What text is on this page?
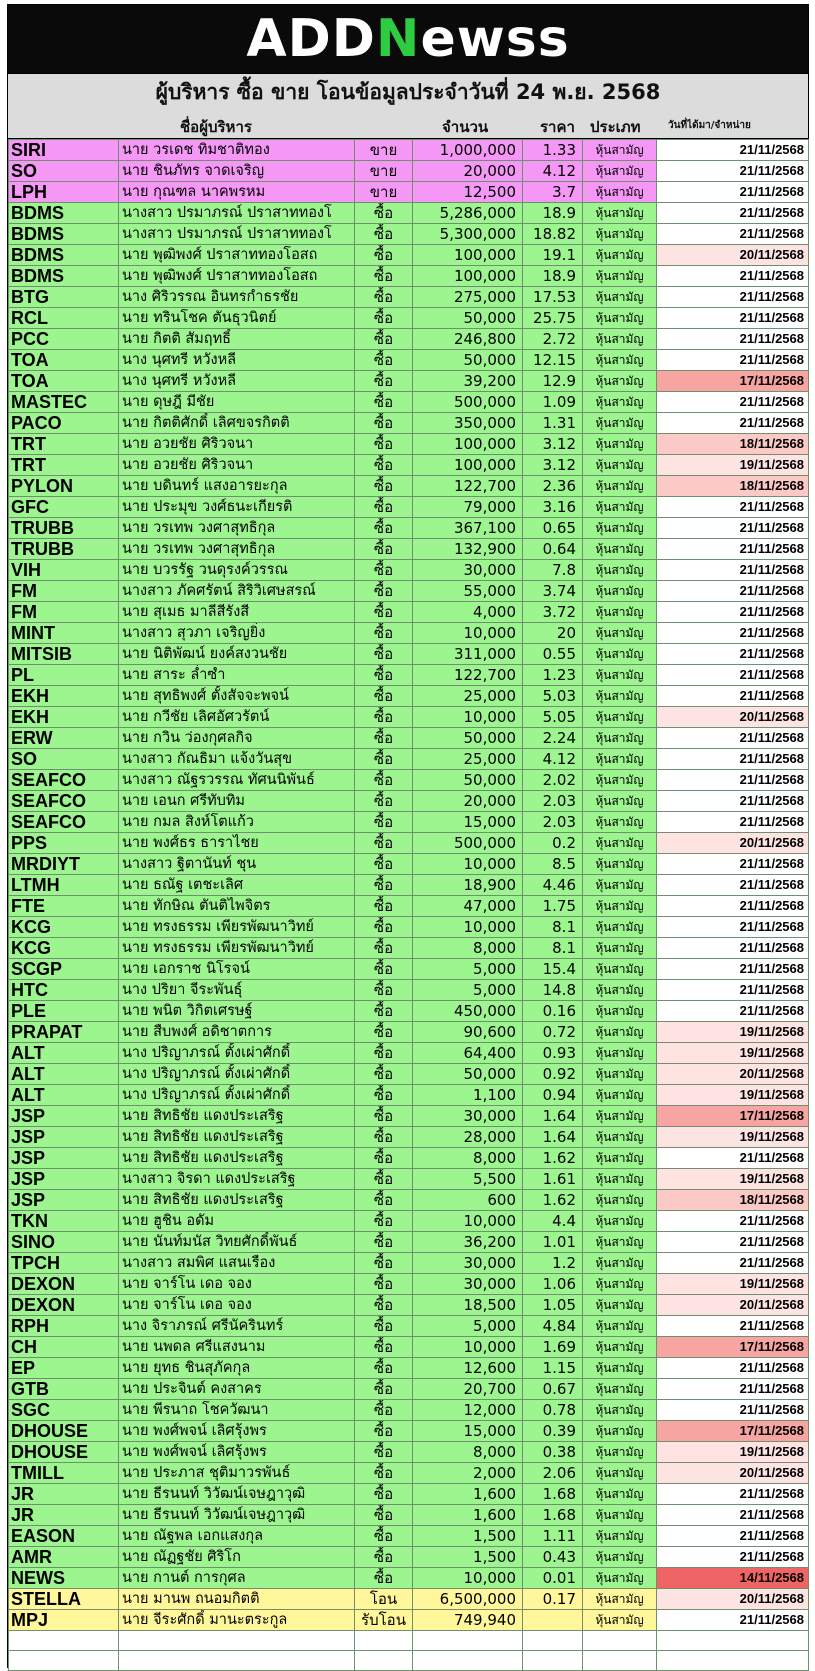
ADDNewss
ผู้บริหาร ซื้อ ขาย โอนข้อมูลประจำวันที่ 24 พ.ย. 2568
ชื่อผู้บริหาร	จำนวน	ราคา ประเภท	วันที่ได้มา/จำหน่าย
SIRI	นาย วรเดช ทิมชาติทอง	ขาย	1,000,000	1.33	หุ้นสามัญ	21/11/2568
SO	นาย ชินภัทร จาดเจริญ	ขาย	20,000	4.12	หุ้นสามัญ	21/11/2568
LPH	นาย กุณฑล นาคพรหม	ขาย	12,500	3.7	หุ้นสามัญ	21/11/2568
BDMS	นางสาว ปรมาภรณ์ ปราสาททองโ	ซื้อ	5,286,000	18.9	หุ้นสามัญ	21/11/2568
BDMS	นางสาว ปรมาภรณ์ ปราสาททองโ	ซื้อ	5,300,000	18.82	หุ้นสามัญ	21/11/2568
BDMS	นาย พุฒิพงศ์ ปราสาททองโอสถ	ซื้อ	100,000	19.1	หุ้นสามัญ	20/11/2568
BDMS	นาย พุฒิพงศ์ ปราสาททองโอสถ	ซื้อ	100,000	18.9	หุ้นสามัญ	21/11/2568
BTG	นาง ศิริวรรณ อินทรกำธรชัย	ซื้อ	275,000	17.53	หุ้นสามัญ	21/11/2568
RCL	นาย ทรินโชค ตันธุวนิตย์	ซื้อ	50,000	25.75	หุ้นสามัญ	21/11/2568
PCC	นาย กิตติ สัมฤทธิ์	ซื้อ	246,800	2.72	หุ้นสามัญ	21/11/2568
TOA	นาง นุศทรี หวังหลี	ซื้อ	50,000	12.15	หุ้นสามัญ	21/11/2568
TOA	นาง นุศทรี หวังหลี	ซื้อ	39,200	12.9	หุ้นสามัญ	17/11/2568
MASTEC	นาย ดุษฎี มีชัย	ซื้อ	500,000	1.09	หุ้นสามัญ	21/11/2568
PACO	นาย กิตติศักดิ์ เลิศขจรกิตติ	ซื้อ	350,000	1.31	หุ้นสามัญ	21/11/2568
TRT	นาย อวยชัย ศิริวจนา	ซื้อ	100,000	3.12	หุ้นสามัญ	18/11/2568
TRT	นาย อวยชัย ศิริวจนา	ซื้อ	100,000	3.12	หุ้นสามัญ	19/11/2568
PYLON	นาย บดินทร์ แสงอารยะกุล	ซื้อ	122,700	2.36	หุ้นสามัญ	18/11/2568
GFC	นาย ประมุข วงศ์ธนะเกียรติ	ซื้อ	79,000	3.16	หุ้นสามัญ	21/11/2568
TRUBB	นาย วรเทพ วงศาสุทธิกุล	ซื้อ	367,100	0.65	หุ้นสามัญ	21/11/2568
TRUBB	นาย วรเทพ วงศาสุทธิกุล	ซื้อ	132,900	0.64	หุ้นสามัญ	21/11/2568
VIH	นาย บวรรัฐ วนดุรงค์วรรณ	ซื้อ	30,000	7.8	หุ้นสามัญ	21/11/2568
FM	นางสาว ภัคศรัตน์ สิริวิเศษสรณ์	ซื้อ	55,000	3.74	หุ้นสามัญ	21/11/2568
FM	นาย สุเมธ มาลีสีรังสี	ซื้อ	4,000	3.72	หุ้นสามัญ	21/11/2568
MINT	นางสาว สุวภา เจริญยิ่ง	ซื้อ	10,000	20	หุ้นสามัญ	21/11/2568
MITSIB	นาย นิติพัฒน์ ยงค์สงวนชัย	ซื้อ	311,000	0.55	หุ้นสามัญ	21/11/2568
PL	นาย สาระ ล่ำซำ	ซื้อ	122,700	1.23	หุ้นสามัญ	21/11/2568
EKH	นาย สุทธิพงศ์ ตั้งสัจจะพจน์	ซื้อ	25,000	5.03	หุ้นสามัญ	21/11/2568
EKH	นาย กวีชัย เลิศอัศวรัตน์	ซื้อ	10,000	5.05	หุ้นสามัญ	20/11/2568
ERW	นาย กวิน ว่องกุศลกิจ	ซื้อ	50,000	2.24	หุ้นสามัญ	21/11/2568
SO	นางสาว กัณธิมา แจ้งวันสุข	ซื้อ	25,000	4.12	หุ้นสามัญ	21/11/2568
SEAFCO	นางสาว ณัฐรวรรณ ทัศนนิพันธ์	ซื้อ	50,000	2.02	หุ้นสามัญ	21/11/2568
SEAFCO	นาย เอนก ศรีทับทิม	ซื้อ	20,000	2.03	หุ้นสามัญ	21/11/2568
SEAFCO	นาย กมล สิงห์โตแก้ว	ซื้อ	15,000	2.03	หุ้นสามัญ	21/11/2568
PPS	นาย พงศ์ธร ธาราไชย	ซื้อ	500,000	0.2	หุ้นสามัญ	20/11/2568
MRDIYT	นางสาว ฐิตานันท์ ชุน	ซื้อ	10,000	8.5	หุ้นสามัญ	21/11/2568
LTMH	นาย ธณัฐ เตชะเลิศ	ซื้อ	18,900	4.46	หุ้นสามัญ	21/11/2568
FTE	นาย ทักษิณ ตันติไพจิตร	ซื้อ	47,000	1.75	หุ้นสามัญ	21/11/2568
KCG	นาย ทรงธรรม เพียรพัฒนาวิทย์	ซื้อ	10,000	8.1	หุ้นสามัญ	21/11/2568
KCG	นาย ทรงธรรม เพียรพัฒนาวิทย์	ซื้อ	8,000	8.1	หุ้นสามัญ	21/11/2568
SCGP	นาย เอกราช นิโรจน์	ซื้อ	5,000	15.4	หุ้นสามัญ	21/11/2568
HTC	นาง ปริยา จีระพันธุ์	ซื้อ	5,000	14.8	หุ้นสามัญ	21/11/2568
PLE	นาย พนิต วิกิตเศรษฐ์	ซื้อ	450,000	0.16	หุ้นสามัญ	21/11/2568
PRAPAT	นาย สืบพงศ์ อดิชาตการ	ซื้อ	90,600	0.72	หุ้นสามัญ	19/11/2568
ALT	นาง ปริญาภรณ์ ตั้งเผ่าศักดิ์	ซื้อ	64,400	0.93	หุ้นสามัญ	19/11/2568
ALT	นาง ปริญาภรณ์ ตั้งเผ่าศักดิ์	ซื้อ	50,000	0.92	หุ้นสามัญ	20/11/2568
ALT	นาง ปริญาภรณ์ ตั้งเผ่าศักดิ์	ซื้อ	1,100	0.94	หุ้นสามัญ	19/11/2568
JSP	นาย สิทธิชัย แดงประเสริฐ	ซื้อ	30,000	1.64	หุ้นสามัญ	17/11/2568
JSP	นาย สิทธิชัย แดงประเสริฐ	ซื้อ	28,000	1.64	หุ้นสามัญ	19/11/2568
JSP	นาย สิทธิชัย แดงประเสริฐ	ซื้อ	8,000	1.62	หุ้นสามัญ	21/11/2568
JSP	นางสาว จิรดา แดงประเสริฐ	ซื้อ	5,500	1.61	หุ้นสามัญ	19/11/2568
JSP	นาย สิทธิชัย แดงประเสริฐ	ซื้อ	600	1.62	หุ้นสามัญ	18/11/2568
TKN	นาย ฮูชิน อดัม	ซื้อ	10,000	4.4	หุ้นสามัญ	21/11/2568
SINO	นาย นันท์มนัส วิทยศักดิ์พันธ์	ซื้อ	36,200	1.01	หุ้นสามัญ	21/11/2568
TPCH	นางสาว สมพิศ แสนเรือง	ซื้อ	30,000	1.2	หุ้นสามัญ	21/11/2568
DEXON	นาย จาร์โน เดอ จอง	ซื้อ	30,000	1.06	หุ้นสามัญ	19/11/2568
DEXON	นาย จาร์โน เดอ จอง	ซื้อ	18,500	1.05	หุ้นสามัญ	20/11/2568
RPH	นาง จิราภรณ์ ศรีนัครินทร์	ซื้อ	5,000	4.84	หุ้นสามัญ	21/11/2568
CH	นาย นพดล ศรีแสงนาม	ซื้อ	10,000	1.69	หุ้นสามัญ	17/11/2568
EP	นาย ยุทธ ชินสุภัคกุล	ซื้อ	12,600	1.15	หุ้นสามัญ	21/11/2568
GTB	นาย ประจินต์ คงสาคร	ซื้อ	20,700	0.67	หุ้นสามัญ	21/11/2568
SGC	นาย พีรนาถ โชควัฒนา	ซื้อ	12,000	0.78	หุ้นสามัญ	21/11/2568
DHOUSE	นาย พงศ์พจน์ เลิศรุ้งพร	ซื้อ	15,000	0.39	หุ้นสามัญ	17/11/2568
DHOUSE	นาย พงศ์พจน์ เลิศรุ้งพร	ซื้อ	8,000	0.38	หุ้นสามัญ	19/11/2568
TMILL	นาย ประภาส ชุติมาวรพันธ์	ซื้อ	2,000	2.06	หุ้นสามัญ	20/11/2568
JR	นาย ธีรนนท์ วิวัฒน์เจษฎาวุฒิ	ซื้อ	1,600	1.68	หุ้นสามัญ	21/11/2568
JR	นาย ธีรนนท์ วิวัฒน์เจษฎาวุฒิ	ซื้อ	1,600	1.68	หุ้นสามัญ	21/11/2568
EASON	นาย ณัฐพล เอกแสงกุล	ซื้อ	1,500	1.11	หุ้นสามัญ	21/11/2568
AMR	นาย ณัฏฐชัย ศิริโก	ซื้อ	1,500	0.43	หุ้นสามัญ	21/11/2568
NEWS	นาย กานต์ การกุศล	ซื้อ	10,000	0.01	หุ้นสามัญ	14/11/2568
STELLA	นาย มานพ ถนอมกิตติ	โอน	6,500,000	0.17	หุ้นสามัญ	20/11/2568
MPJ	นาย จีระศักดิ์ มานะตระกูล	รับโอน	749,940		หุ้นสามัญ	21/11/2568
